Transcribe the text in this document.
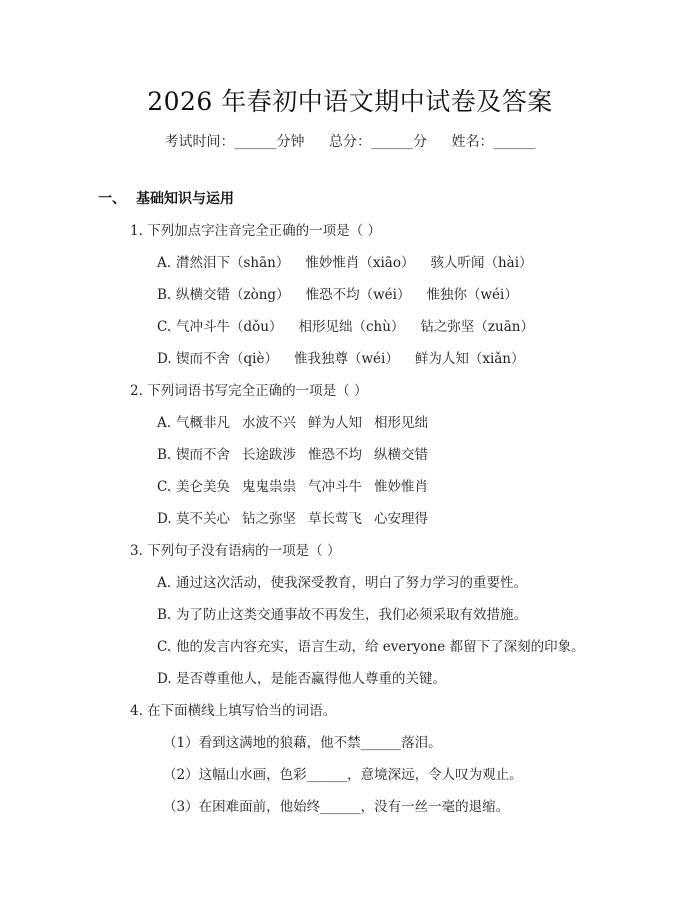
2026 年春初中语文期中试卷及答案
考试时间：______分钟 总分：______分 姓名：______
一、 基础知识与运用
1. 下列加点字注音完全正确的一项是（ ）
A. 潸然泪下（shān） 惟妙惟肖（xiāo） 骇人听闻（hài）
B. 纵横交错（zòng） 惟恐不均（wéi） 惟独你（wéi）
C. 气冲斗牛（dǒu） 相形见绌（chù） 钻之弥坚（zuān）
D. 锲而不舍（qiè） 惟我独尊（wéi） 鲜为人知（xiǎn）
2. 下列词语书写完全正确的一项是（ ）
A. 气概非凡 水波不兴 鲜为人知 相形见绌
B. 锲而不舍 长途跋涉 惟恐不均 纵横交错
C. 美仑美奂 鬼鬼祟祟 气冲斗牛 惟妙惟肖
D. 莫不关心 钻之弥坚 草长莺飞 心安理得
3. 下列句子没有语病的一项是（ ）
A. 通过这次活动，使我深受教育，明白了努力学习的重要性。
B. 为了防止这类交通事故不再发生，我们必须采取有效措施。
C. 他的发言内容充实，语言生动，给 everyone 都留下了深刻的印象。
D. 是否尊重他人，是能否赢得他人尊重的关键。
4. 在下面横线上填写恰当的词语。
（1）看到这满地的狼藉，他不禁______落泪。
（2）这幅山水画，色彩______，意境深远，令人叹为观止。
（3）在困难面前，他始终______，没有一丝一毫的退缩。
